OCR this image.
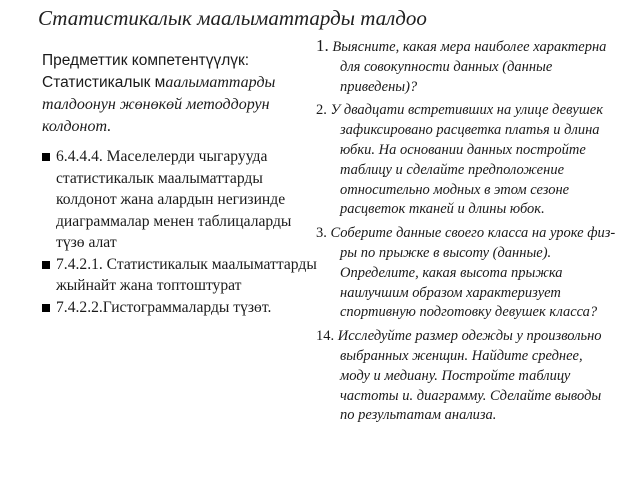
Статистикалык маалыматтарды талдоо

Предметтик компетентүүлүк: Статистикалык маалыматтарды талдоонун жөнөкөй методдорун колдонот.

6.4.4.4. Маселелерди чыгарууда статистикалык маалыматтарды колдонот жана алардын негизинде диаграммалар менен таблицаларды түзө алат
7.4.2.1. Статистикалык маалыматтарды жыйнайт жана топтоштурат
7.4.2.2.Гистограммаларды түзөт.

1. Выясните, какая мера наиболее характерна для совокупности данных (данные приведены)?

2. У двадцати встретивших на улице девушек зафиксировано расцветка платья и длина юбки. На основании данных постройте таблицу и сделайте предположение относительно модных в этом сезоне расцветок тканей и длины юбок.

3. Соберите данные своего класса на уроке физ-ры по прыжке в высоту (данные). Определите, какая высота прыжка наилучшим образом характеризует спортивную подготовку девушек класса?

14. Исследуйте размер одежды у произвольно выбранных женщин. Найдите среднее, моду и медиану. Постройте таблицу частоты и. диаграмму. Сделайте выводы по результатам анализа.
